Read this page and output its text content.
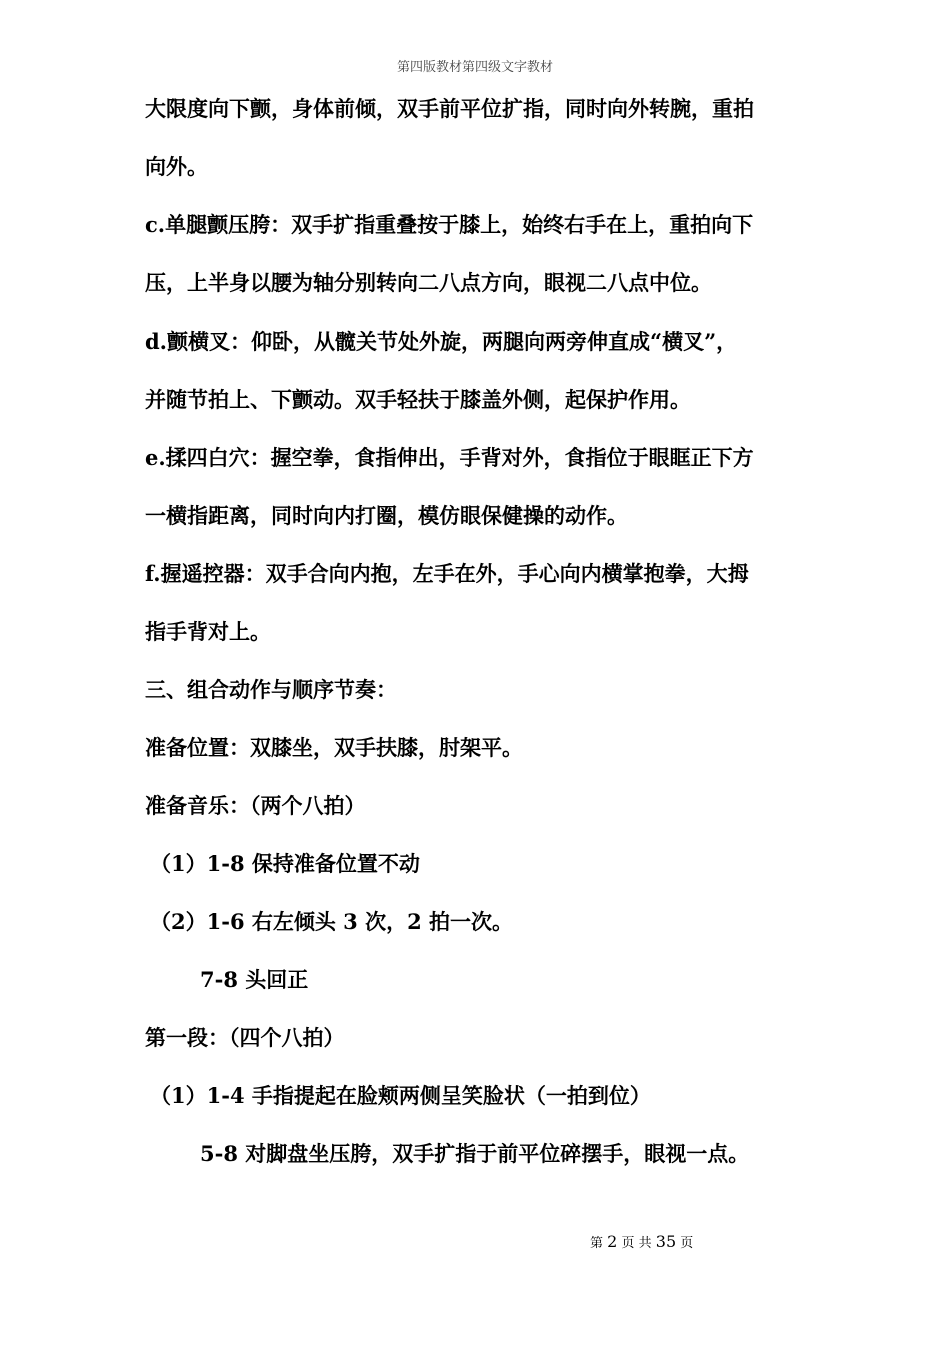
第四版教材第四级文字教材
大限度向下颤，身体前倾，双手前平位扩指，同时向外转腕，重拍
向外。
c.单腿颤压胯：双手扩指重叠按于膝上，始终右手在上，重拍向下
压，上半身以腰为轴分别转向二八点方向，眼视二八点中位。
d.颤横叉：仰卧，从髋关节处外旋，两腿向两旁伸直成“横叉”，
并随节拍上、下颤动。双手轻扶于膝盖外侧，起保护作用。
e.揉四白穴：握空拳，食指伸出，手背对外，食指位于眼眶正下方
一横指距离，同时向内打圈，模仿眼保健操的动作。
f.握遥控器：双手合向内抱，左手在外，手心向内横掌抱拳，大拇
指手背对上。
三、组合动作与顺序节奏：
准备位置：双膝坐，双手扶膝，肘架平。
准备音乐：（两个八拍）
（1）1-8 保持准备位置不动
（2）1-6 右左倾头 3 次，2 拍一次。
7-8 头回正
第一段：（四个八拍）
（1）1-4 手指提起在脸颊两侧呈笑脸状（一拍到位）
5-8 对脚盘坐压胯，双手扩指于前平位碎摆手，眼视一点。
第 2 页 共 35 页
